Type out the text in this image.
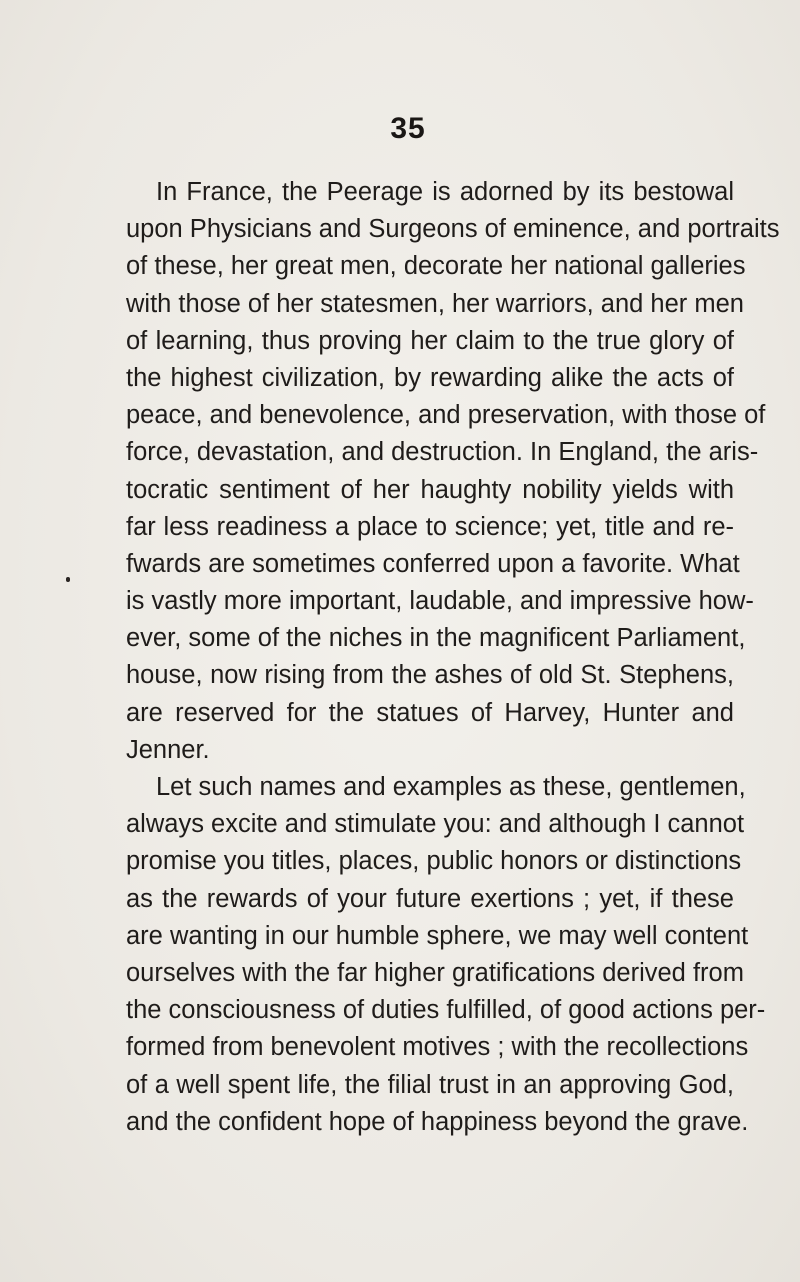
35
In France, the Peerage is adorned by its bestowal
upon Physicians and Surgeons of eminence, and portraits
of these, her great men, decorate her national galleries
with those of her statesmen, her warriors, and her men
of learning, thus proving her claim to the true glory of
the highest civilization, by rewarding alike the acts of
peace, and benevolence, and preservation, with those of
force, devastation, and destruction. In England, the aris-
tocratic sentiment of her haughty nobility yields with
far less readiness a place to science; yet, title and re-
fwards are sometimes conferred upon a favorite. What
is vastly more important, laudable, and impressive how-
ever, some of the niches in the magnificent Parliament,
house, now rising from the ashes of old St. Stephens,
are reserved for the statues of Harvey, Hunter and
Jenner.
Let such names and examples as these, gentlemen,
always excite and stimulate you: and although I cannot
promise you titles, places, public honors or distinctions
as the rewards of your future exertions ; yet, if these
are wanting in our humble sphere, we may well content
ourselves with the far higher gratifications derived from
the consciousness of duties fulfilled, of good actions per-
formed from benevolent motives ; with the recollections
of a well spent life, the filial trust in an approving God,
and the confident hope of happiness beyond the grave.
